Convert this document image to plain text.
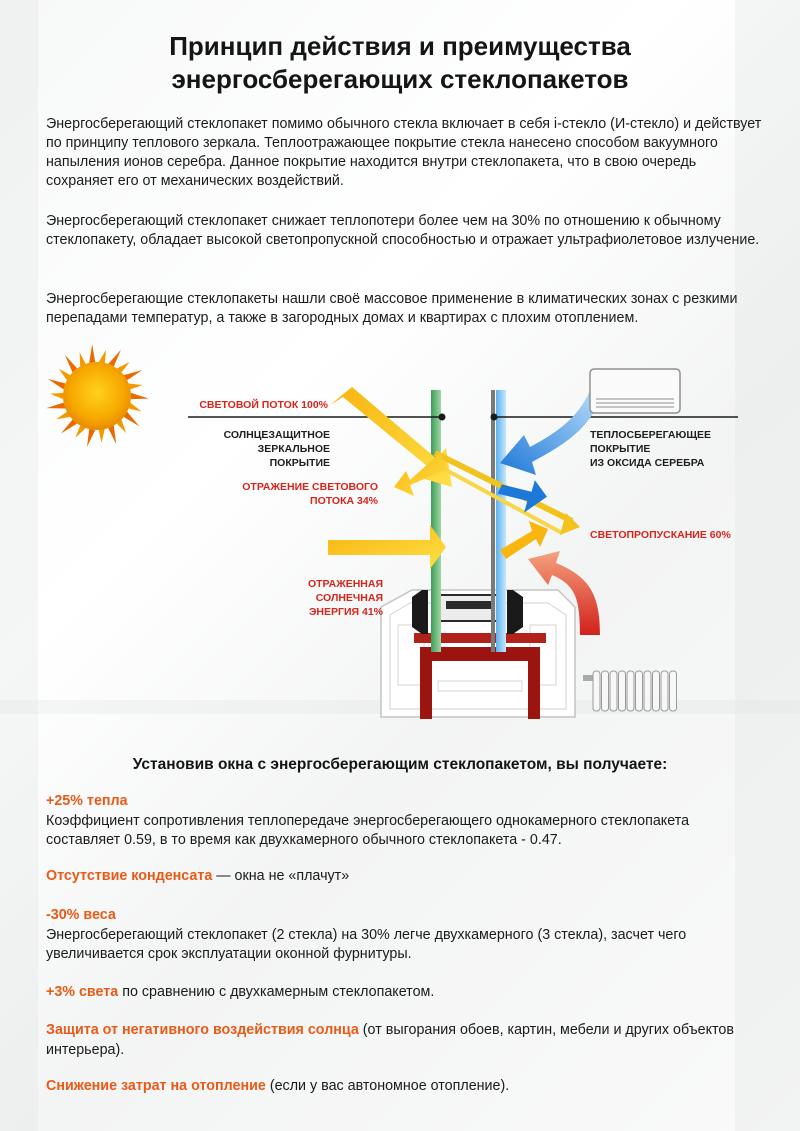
Принцип действия и преимущества
энергосберегающих стеклопакетов

Энергосберегающий стеклопакет помимо обычного стекла включает в себя i-стекло (И-стекло) и действует по принципу теплового зеркала. Теплоотражающее покрытие стекла нанесено способом вакуумного напыления ионов серебра. Данное покрытие находится внутри стеклопакета, что в свою очередь сохраняет его от механических воздействий.

Энергосберегающий стеклопакет снижает теплопотери более чем на 30% по отношению к обычному стеклопакету, обладает высокой светопропускной способностью и отражает ультрафиолетовое излучение.

Энергосберегающие стеклопакеты нашли своё массовое применение в климатических зонах с резкими перепадами температур, а также в загородных домах и квартирах с плохим отоплением.

СВЕТОВОЙ ПОТОК 100%
СОЛНЦЕЗАЩИТНОЕ
ЗЕРКАЛЬНОЕ
ПОКРЫТИЕ
ОТРАЖЕНИЕ СВЕТОВОГО
ПОТОКА 34%
ОТРАЖЕННАЯ
СОЛНЕЧНАЯ
ЭНЕРГИЯ 41%
ТЕПЛОСБЕРЕГАЮЩЕЕ
ПОКРЫТИЕ
ИЗ ОКСИДА СЕРЕБРА
СВЕТОПРОПУСКАНИЕ 60%
Установив окна с энергосберегающим стеклопакетом, вы получаете:

+25% тепла
Коэффициент сопротивления теплопередаче энергосберегающего однокамерного стеклопакета составляет 0.59, в то время как двухкамерного обычного стеклопакета - 0.47.

Отсутствие конденсата — окна не «плачут»

-30% веса
Энергосберегающий стеклопакет (2 стекла) на 30% легче двухкамерного (3 стекла), засчет чего увеличивается срок эксплуатации оконной фурнитуры.

+3% света по сравнению с двухкамерным стеклопакетом.

Защита от негативного воздействия солнца (от выгорания обоев, картин, мебели и других объектов интерьера).

Снижение затрат на отопление (если у вас автономное отопление).
